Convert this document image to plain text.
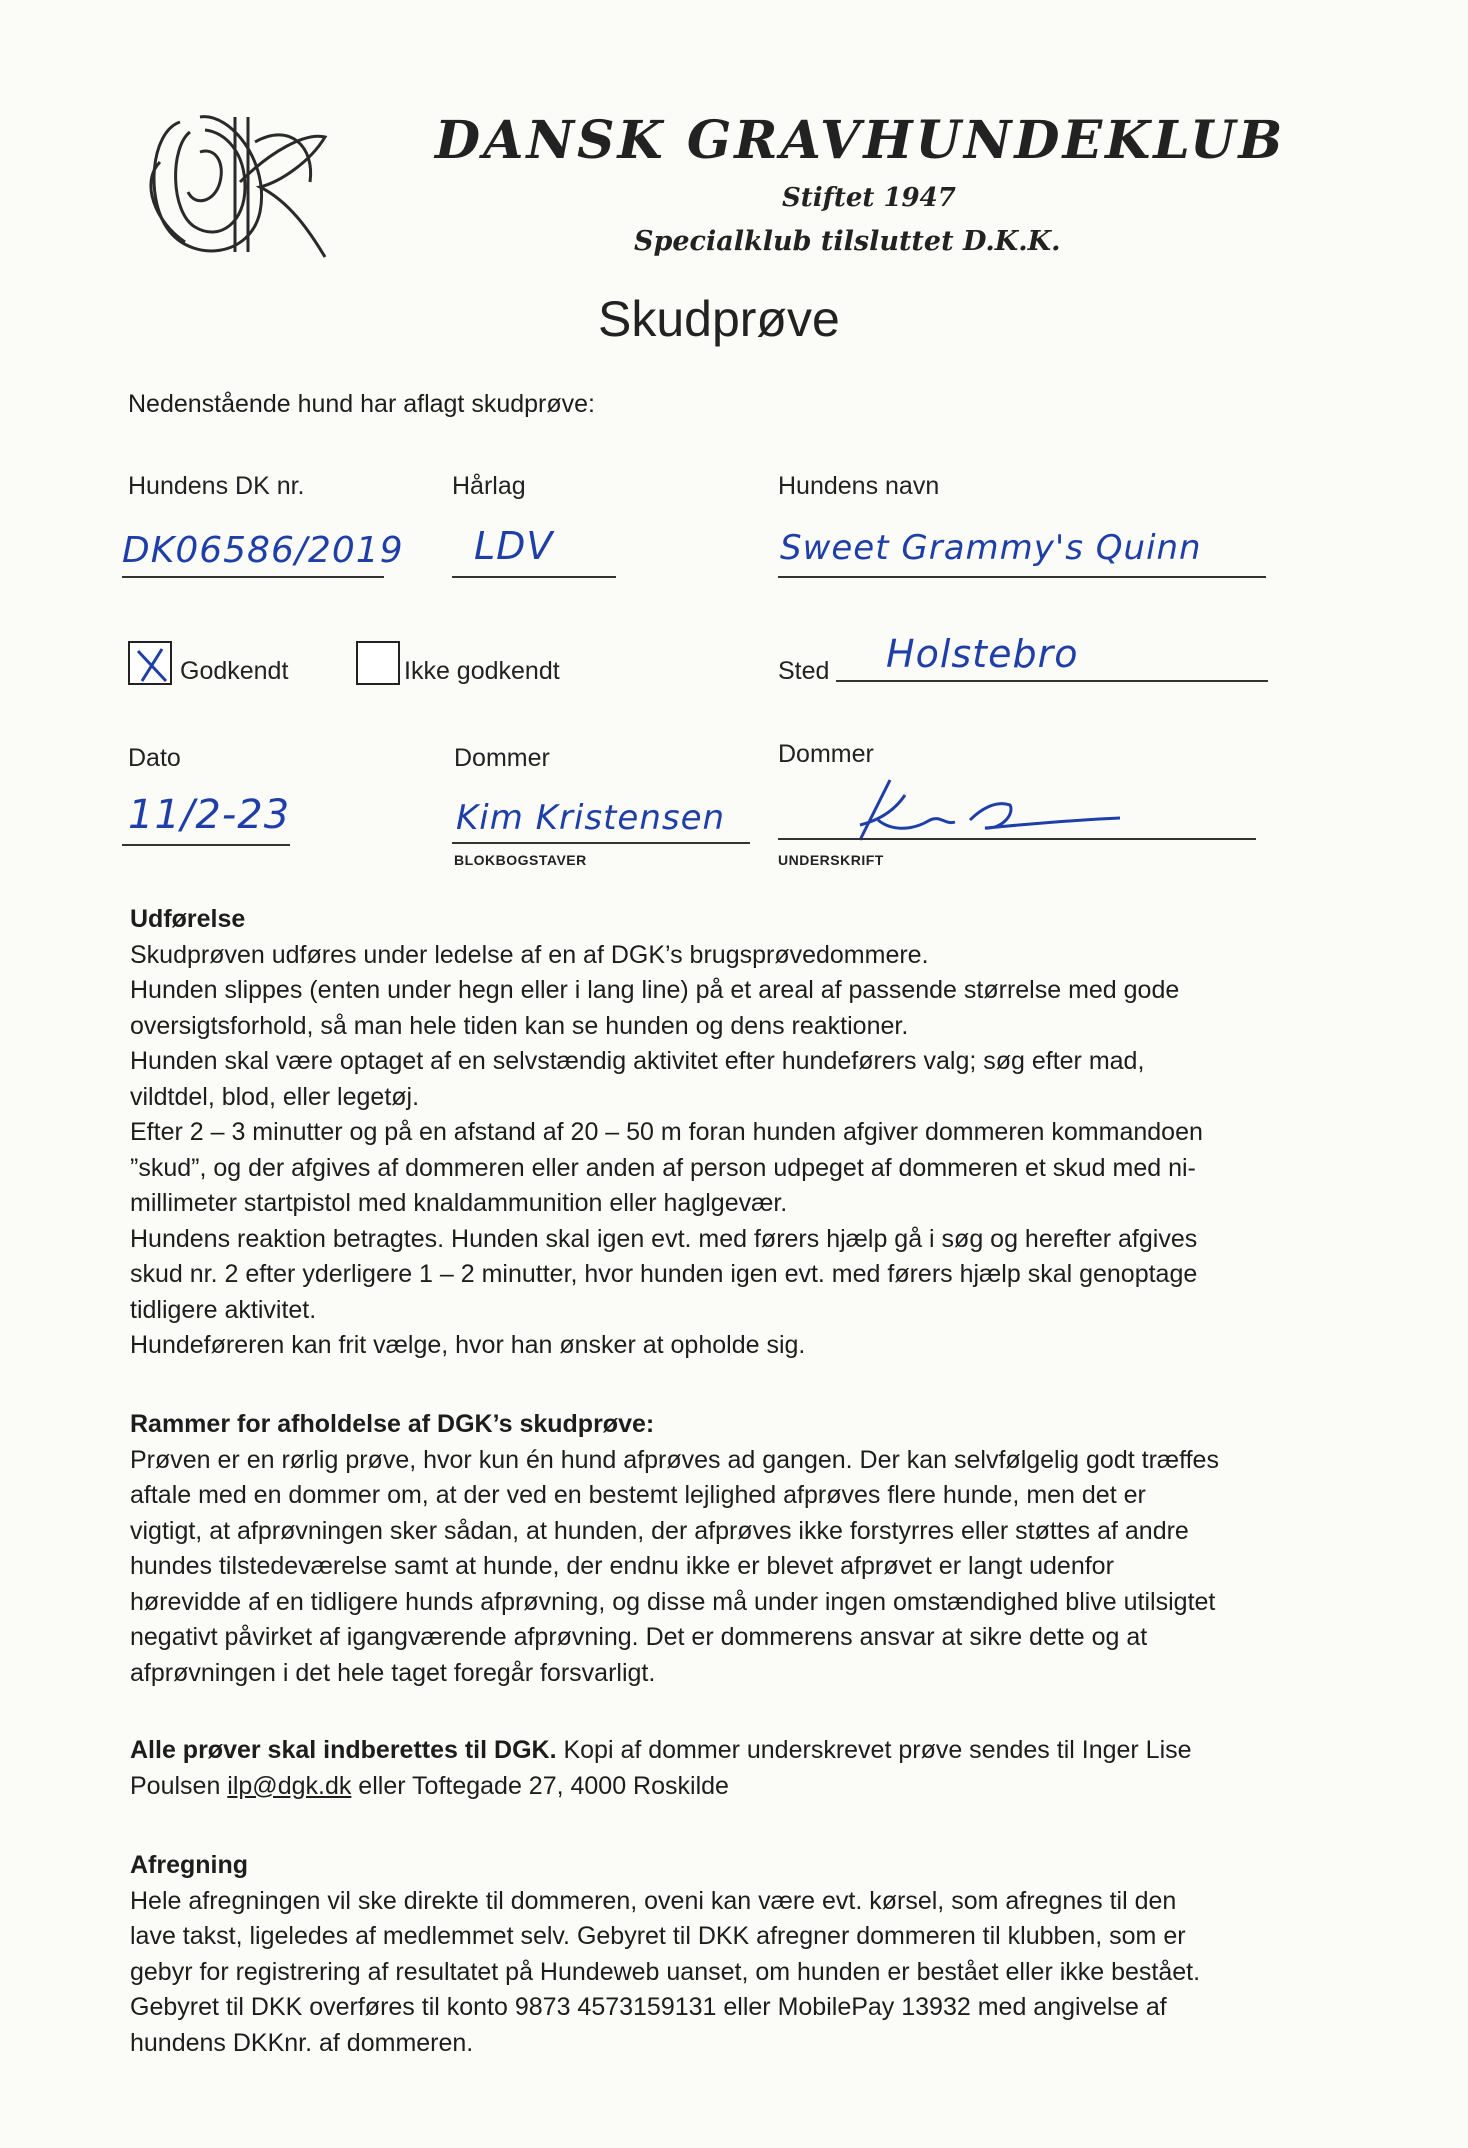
DANSK GRAVHUNDEKLUB
Stiftet 1947
Specialklub tilsluttet D.K.K.
Skudprøve
Nedenstående hund har aflagt skudprøve:
Hundens DK nr.	Hårlag	Hundens navn
DK06586/2019 LDV	Sweet Grammy's Quinn
Godkendt	Ikke godkendt	Sted Holstebro
Dato	Dommer	Dommer
11/2-23	Kim Kristensen
BLOKBOGSTAVER	UNDERSKRIFT

Udførelse

Skudprøven udføres under ledelse af en af DGK’s brugsprøvedommere.

Hunden slippes (enten under hegn eller i lang line) på et areal af passende størrelse med gode

oversigtsforhold, så man hele tiden kan se hunden og dens reaktioner.

Hunden skal være optaget af en selvstændig aktivitet efter hundeførers valg; søg efter mad,

vildtdel, blod, eller legetøj.

Efter 2 – 3 minutter og på en afstand af 20 – 50 m foran hunden afgiver dommeren kommandoen

”skud”, og der afgives af dommeren eller anden af person udpeget af dommeren et skud med ni-

millimeter startpistol med knaldammunition eller haglgevær.

Hundens reaktion betragtes. Hunden skal igen evt. med førers hjælp gå i søg og herefter afgives

skud nr. 2 efter yderligere 1 – 2 minutter, hvor hunden igen evt. med førers hjælp skal genoptage

tidligere aktivitet.

Hundeføreren kan frit vælge, hvor han ønsker at opholde sig.

Rammer for afholdelse af DGK’s skudprøve:

Prøven er en rørlig prøve, hvor kun én hund afprøves ad gangen. Der kan selvfølgelig godt træffes

aftale med en dommer om, at der ved en bestemt lejlighed afprøves flere hunde, men det er

vigtigt, at afprøvningen sker sådan, at hunden, der afprøves ikke forstyrres eller støttes af andre

hundes tilstedeværelse samt at hunde, der endnu ikke er blevet afprøvet er langt udenfor

hørevidde af en tidligere hunds afprøvning, og disse må under ingen omstændighed blive utilsigtet

negativt påvirket af igangværende afprøvning. Det er dommerens ansvar at sikre dette og at

afprøvningen i det hele taget foregår forsvarligt.

Alle prøver skal indberettes til DGK. Kopi af dommer underskrevet prøve sendes til Inger Lise

Poulsen ilp@dgk.dk eller Toftegade 27, 4000 Roskilde

Afregning

Hele afregningen vil ske direkte til dommeren, oveni kan være evt. kørsel, som afregnes til den

lave takst, ligeledes af medlemmet selv. Gebyret til DKK afregner dommeren til klubben, som er

gebyr for registrering af resultatet på Hundeweb uanset, om hunden er bestået eller ikke bestået.

Gebyret til DKK overføres til konto 9873 4573159131 eller MobilePay 13932 med angivelse af

hundens DKKnr. af dommeren.
